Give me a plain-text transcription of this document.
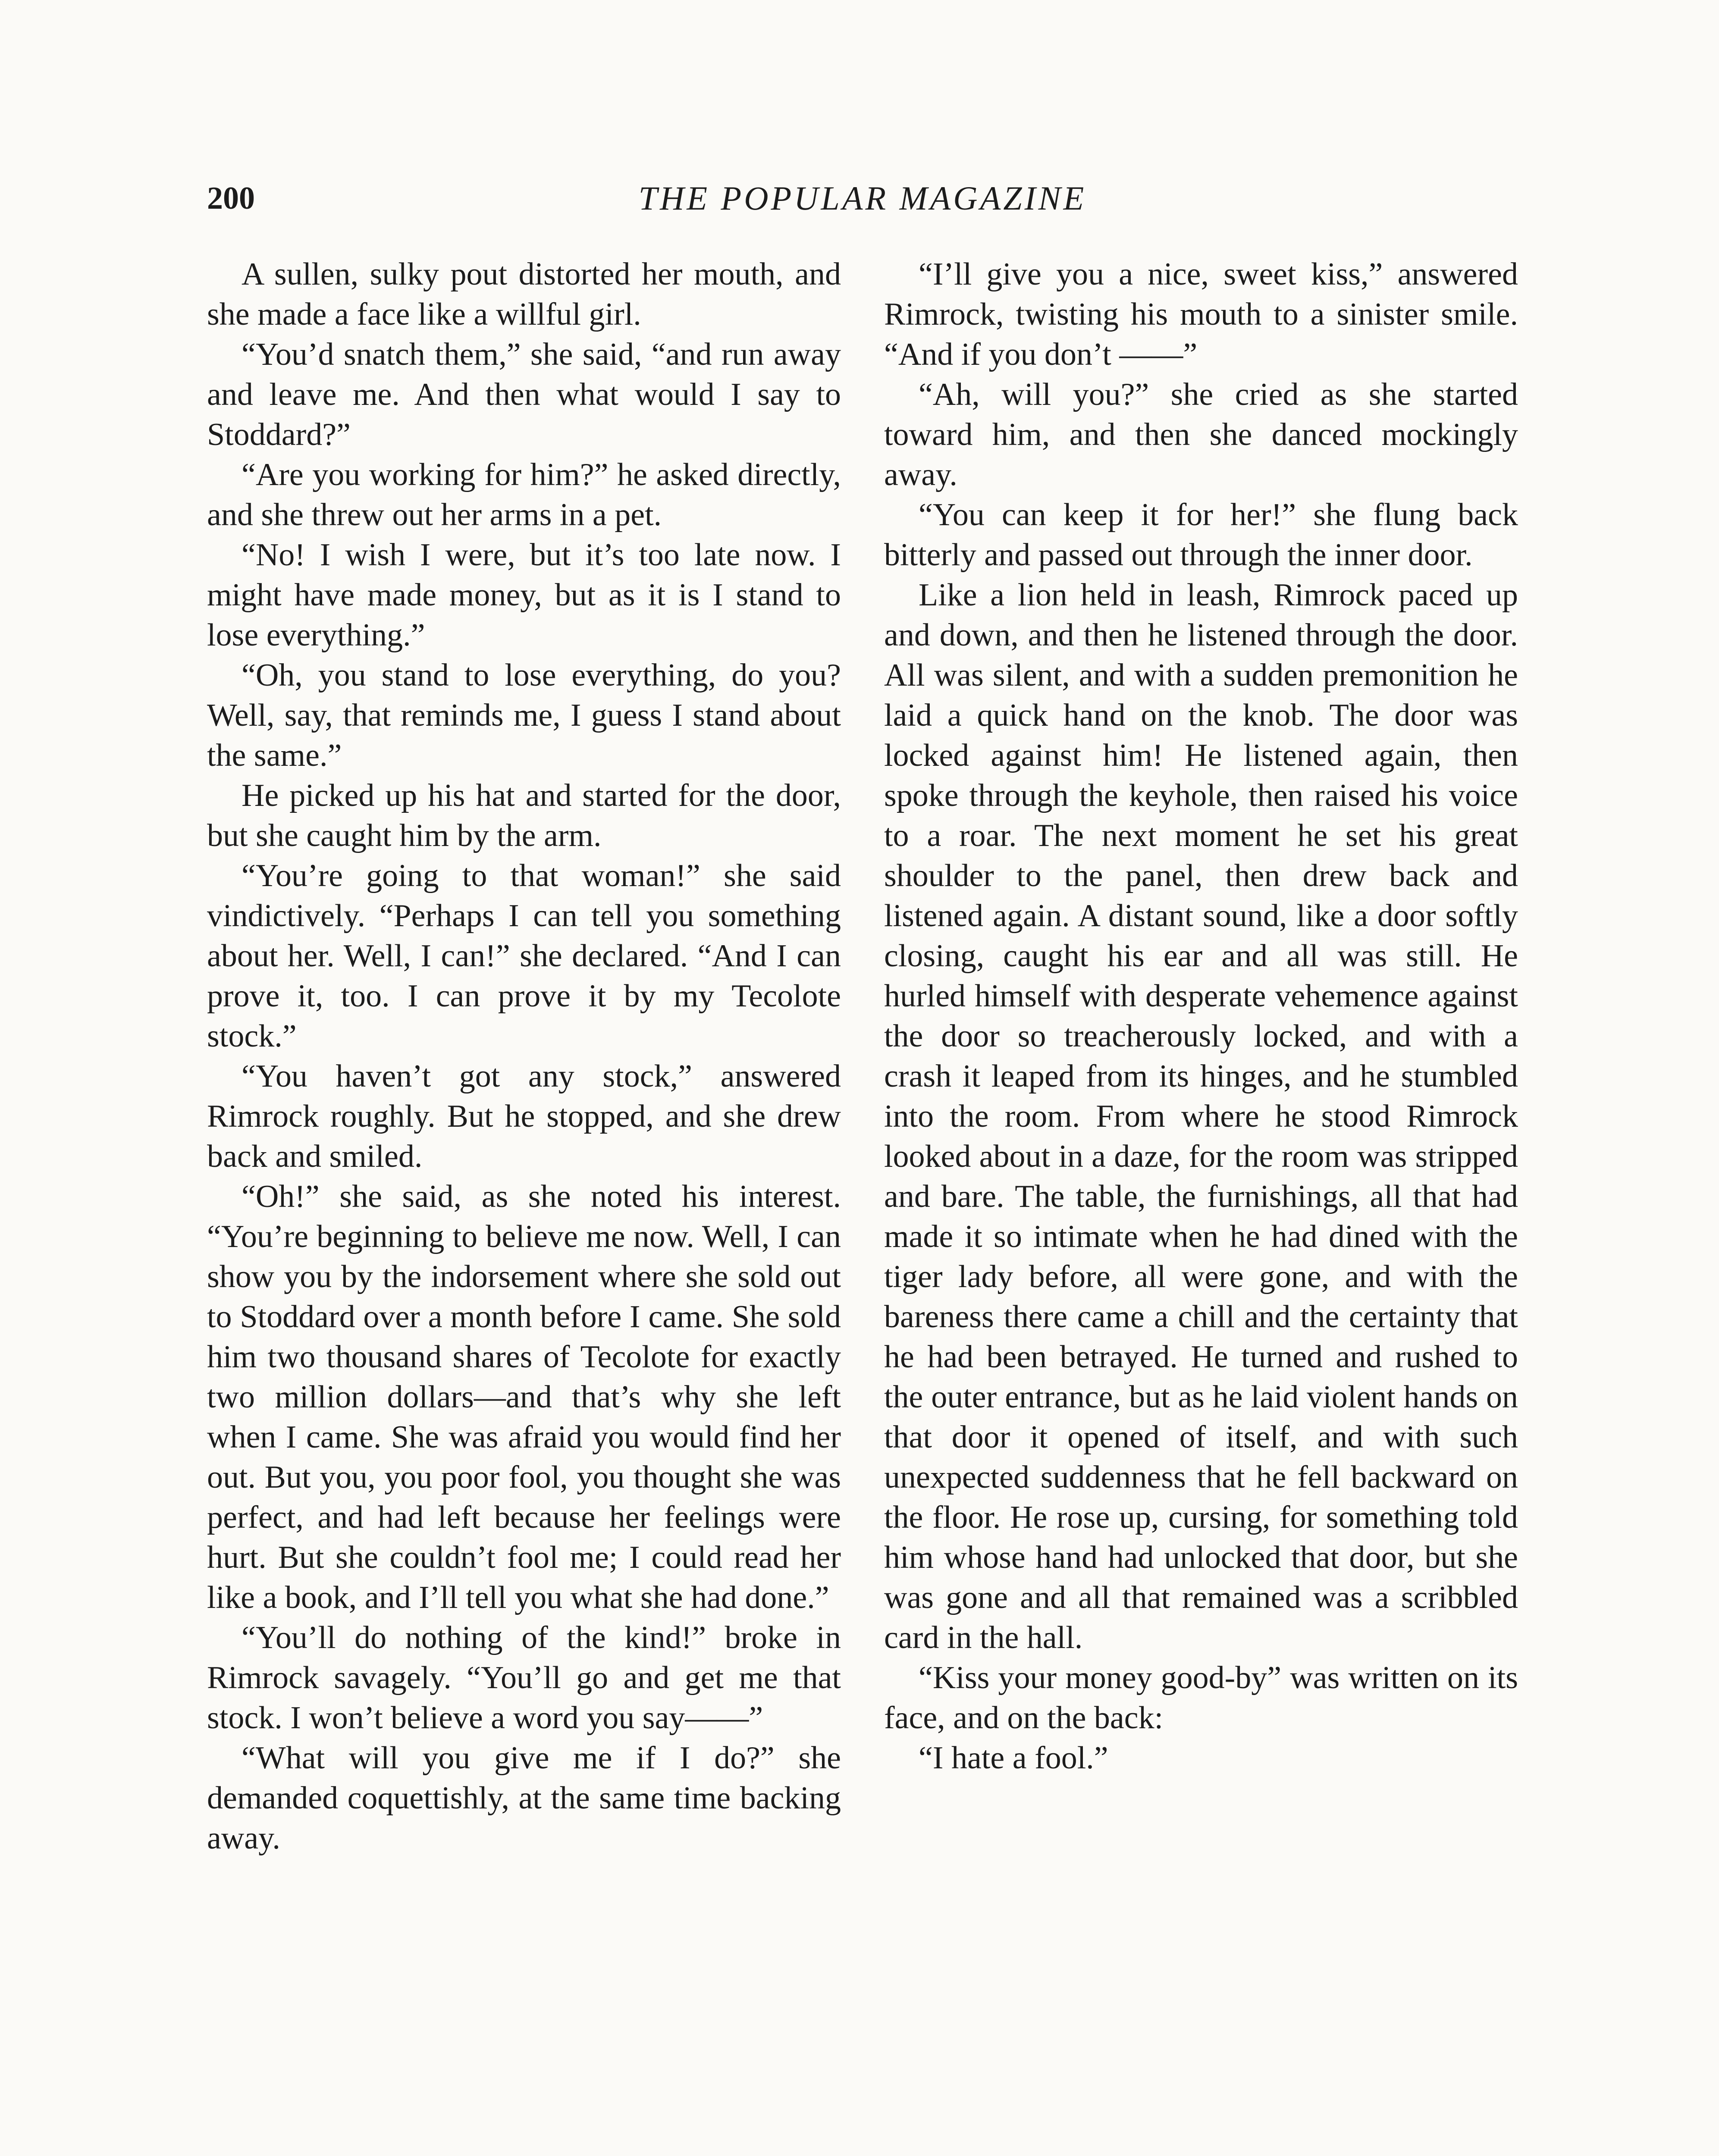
200	THE POPULAR MAGAZINE

A sullen, sulky pout distorted her mouth, and she made a face like a willful girl.

“You’d snatch them,” she said, “and run away and leave me. And then what would I say to Stoddard?”

“Are you working for him?” he asked directly, and she threw out her arms in a pet.

“No! I wish I were, but it’s too late now. I might have made money, but as it is I stand to lose everything.”

“Oh, you stand to lose everything, do you? Well, say, that reminds me, I guess I stand about the same.”

He picked up his hat and started for the door, but she caught him by the arm.

“You’re going to that woman!” she said vindictively. “Perhaps I can tell you something about her. Well, I can!” she declared. “And I can prove it, too. I can prove it by my Tecolote stock.”

“You haven’t got any stock,” answered Rimrock roughly. But he stopped, and she drew back and smiled.

“Oh!” she said, as she noted his interest. “You’re beginning to believe me now. Well, I can show you by the indorsement where she sold out to Stoddard over a month before I came. She sold him two thousand shares of Tecolote for exactly two million dollars—and that’s why she left when I came. She was afraid you would find her out. But you, you poor fool, you thought she was perfect, and had left because her feelings were hurt. But she couldn’t fool me; I could read her like a book, and I’ll tell you what she had done.”

“You’ll do nothing of the kind!” broke in Rimrock savagely. “You’ll go and get me that stock. I won’t believe a word you say——”

“What will you give me if I do?” she demanded coquettishly, at the same time backing away.

“I’ll give you a nice, sweet kiss,” answered Rimrock, twisting his mouth to a sinister smile. “And if you don’t ——”

“Ah, will you?” she cried as she started toward him, and then she danced mockingly away.

“You can keep it for her!” she flung back bitterly and passed out through the inner door.

Like a lion held in leash, Rimrock paced up and down, and then he listened through the door. All was silent, and with a sudden premonition he laid a quick hand on the knob. The door was locked against him! He listened again, then spoke through the keyhole, then raised his voice to a roar. The next moment he set his great shoulder to the panel, then drew back and listened again. A distant sound, like a door softly closing, caught his ear and all was still. He hurled himself with desperate vehemence against the door so treacherously locked, and with a crash it leaped from its hinges, and he stumbled into the room. From where he stood Rimrock looked about in a daze, for the room was stripped and bare. The table, the furnishings, all that had made it so intimate when he had dined with the tiger lady before, all were gone, and with the bareness there came a chill and the certainty that he had been betrayed. He turned and rushed to the outer entrance, but as he laid violent hands on that door it opened of itself, and with such unexpected suddenness that he fell backward on the floor. He rose up, cursing, for something told him whose hand had unlocked that door, but she was gone and all that remained was a scribbled card in the hall.

“Kiss your money good-by” was written on its face, and on the back:

“I hate a fool.”
